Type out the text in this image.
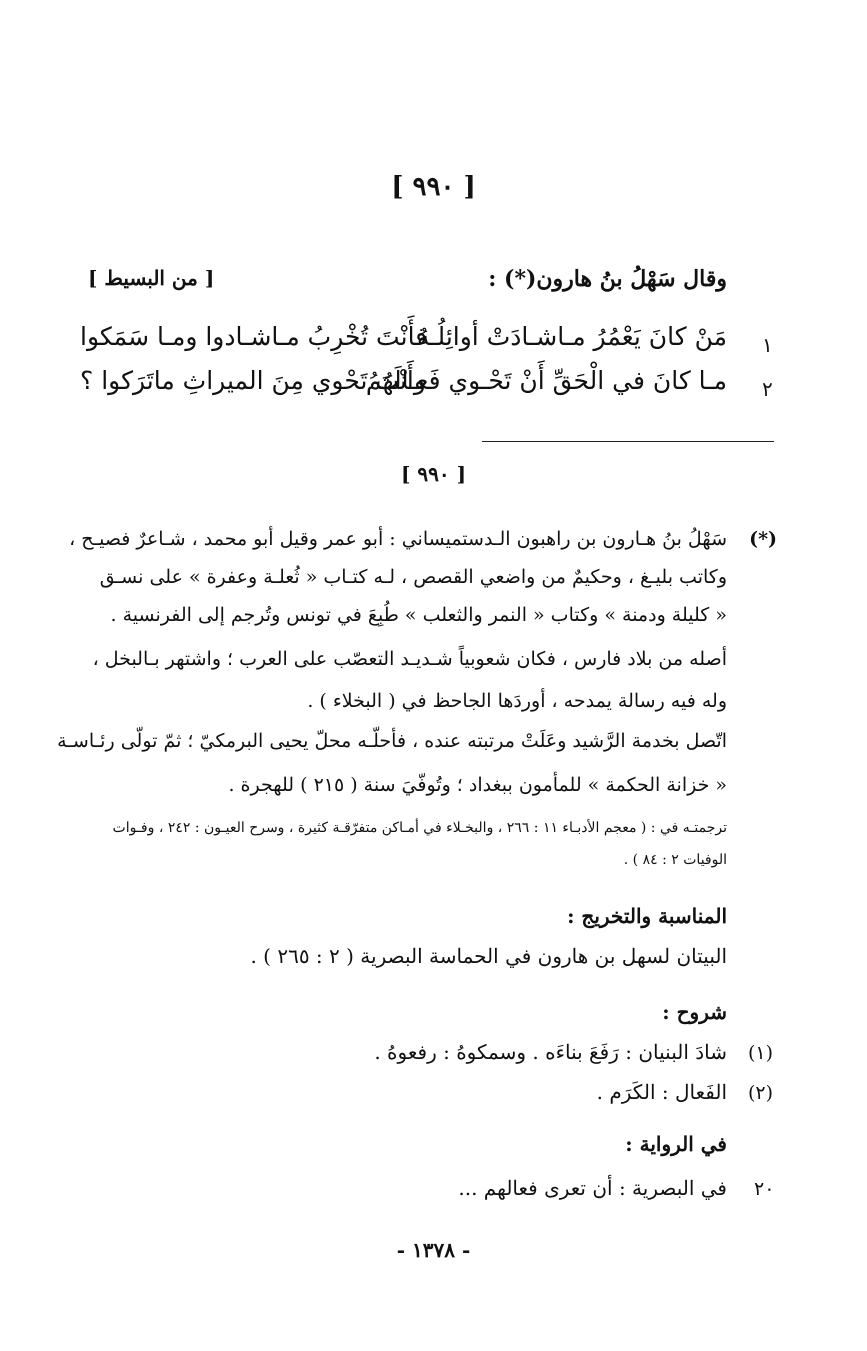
[ ٩٩٠ ]
وقال سَهْلُ بنُ هارون(*) :
[ من البسيط ]
١
مَنْ كانَ يَعْمُرُ مـاشـادَتْ أوائِلُـهُ
فأَنْتَ تُخْرِبُ مـاشـادوا ومـا سَمَكوا
٢
مـا كانَ في الْحَقِّ أَنْ تَحْـوي فَعـالَهُمُ
وأَنْتَ تَحْوي مِنَ الميراثِ ماتَرَكوا ؟
[ ٩٩٠ ]
(*)
سَهْلُ بنُ هـارون بن راهبون الـدستميساني : أبو عمر وقيل أبو محمد ، شـاعرٌ فصيـح ،
وكاتب بليـغ ، وحكيمٌ من واضعي القصص ، لـه كتـاب « ثُعلـة وعفرة » على نسـق
« كليلة ودمنة » وكتاب « النمر والثعلب » طُبِعَ في تونس وتُرجم إلى الفرنسية .
أصله من بلاد فارس ، فكان شعوبياً شـديـد التعصّب على العرب ؛ واشتهر بـالبخل ،
وله فيه رسالة يمدحه ، أوردَها الجاحظ في ( البخلاء ) .
اتّصل بخدمة الرَّشيد وعَلَتْ مرتبته عنده ، فأحلّـه محلّ يحيى البرمكيّ ؛ ثمّ تولّى رئـاسـة
« خزانة الحكمة » للمأمون ببغداد ؛ وتُوفّيَ سنة ( ٢١٥ ) للهجرة .
ترجمتـه في : ( معجم الأدبـاء ١١ : ٢٦٦ ، والبخـلاء في أمـاكن متفرّقـة كثيرة ، وسرح العيـون : ٢٤٢ ، وفـوات
الوفيات ٢ : ٨٤ ) .
المناسبة والتخريج :
البيتان لسهل بن هارون في الحماسة البصرية ( ٢ : ٢٦٥ ) .
شروح :
(١)
شادَ البنيان : رَفَعَ بناءَه . وسمكوهُ : رفعوهُ .
(٢)
الفَعال : الكَرَم .
في الرواية :
٢٠
في البصرية : أن تعرى فعالهم ...
- ١٣٧٨ -
